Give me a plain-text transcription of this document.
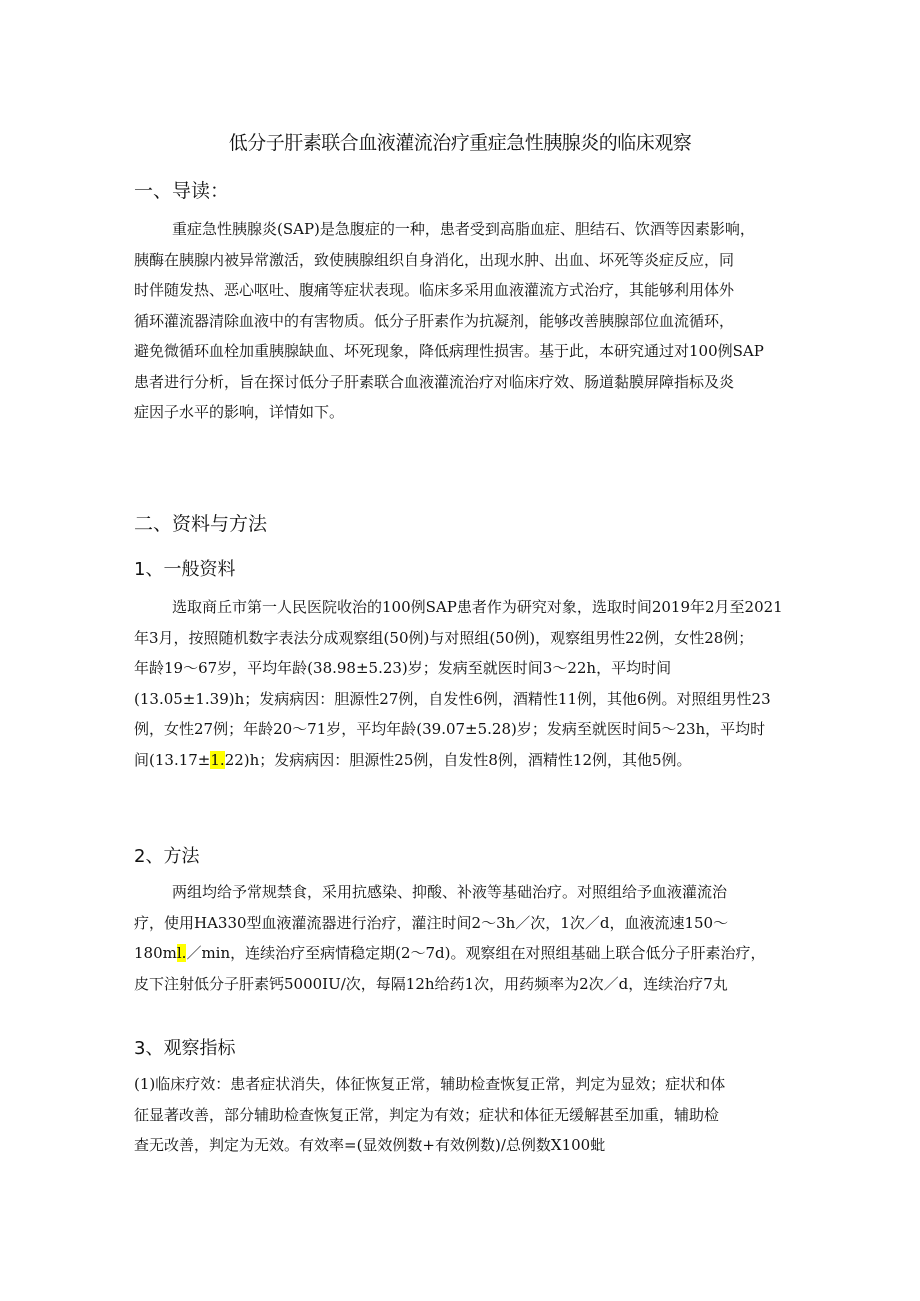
低分子肝素联合血液灌流治疗重症急性胰腺炎的临床观察
一、导读：
重症急性胰腺炎(SAP)是急腹症的一种，患者受到高脂血症、胆结石、饮酒等因素影响，
胰酶在胰腺内被异常激活，致使胰腺组织自身消化，出现水肿、出血、坏死等炎症反应，同
时伴随发热、恶心呕吐、腹痛等症状表现。临床多采用血液灌流方式治疗，其能够利用体外
循环灌流器清除血液中的有害物质。低分子肝素作为抗凝剂，能够改善胰腺部位血流循环，
避免微循环血栓加重胰腺缺血、坏死现象，降低病理性损害。基于此，本研究通过对100例SAP
患者进行分析，旨在探讨低分子肝素联合血液灌流治疗对临床疗效、肠道黏膜屏障指标及炎
症因子水平的影响，详情如下。
二、资料与方法
1、一般资料
选取商丘市第一人民医院收治的100例SAP患者作为研究对象，选取时间2019年2月至2021
年3月，按照随机数字表法分成观察组(50例)与对照组(50例)，观察组男性22例，女性28例；
年龄19～67岁，平均年龄(38.98±5.23)岁；发病至就医时间3～22h，平均时间
(13.05±1.39)h；发病病因：胆源性27例，自发性6例，酒精性11例，其他6例。对照组男性23
例，女性27例；年龄20～71岁，平均年龄(39.07±5.28)岁；发病至就医时间5～23h，平均时
间(13.17±1.22)h；发病病因：胆源性25例，自发性8例，酒精性12例，其他5例。
2、方法
两组均给予常规禁食，采用抗感染、抑酸、补液等基础治疗。对照组给予血液灌流治
疗，使用HA330型血液灌流器进行治疗，灌注时间2～3h／次，1次／d，血液流速150～
180ml.／min，连续治疗至病情稳定期(2～7d)。观察组在对照组基础上联合低分子肝素治疗，
皮下注射低分子肝素钙5000IU/次，每隔12h给药1次，用药频率为2次／d，连续治疗7丸
3、观察指标
(1)临床疗效：患者症状消失，体征恢复正常，辅助检查恢复正常，判定为显效；症状和体
征显著改善，部分辅助检查恢复正常，判定为有效；症状和体征无缓解甚至加重，辅助检
查无改善，判定为无效。有效率=(显效例数+有效例数)/总例数X100蚍
